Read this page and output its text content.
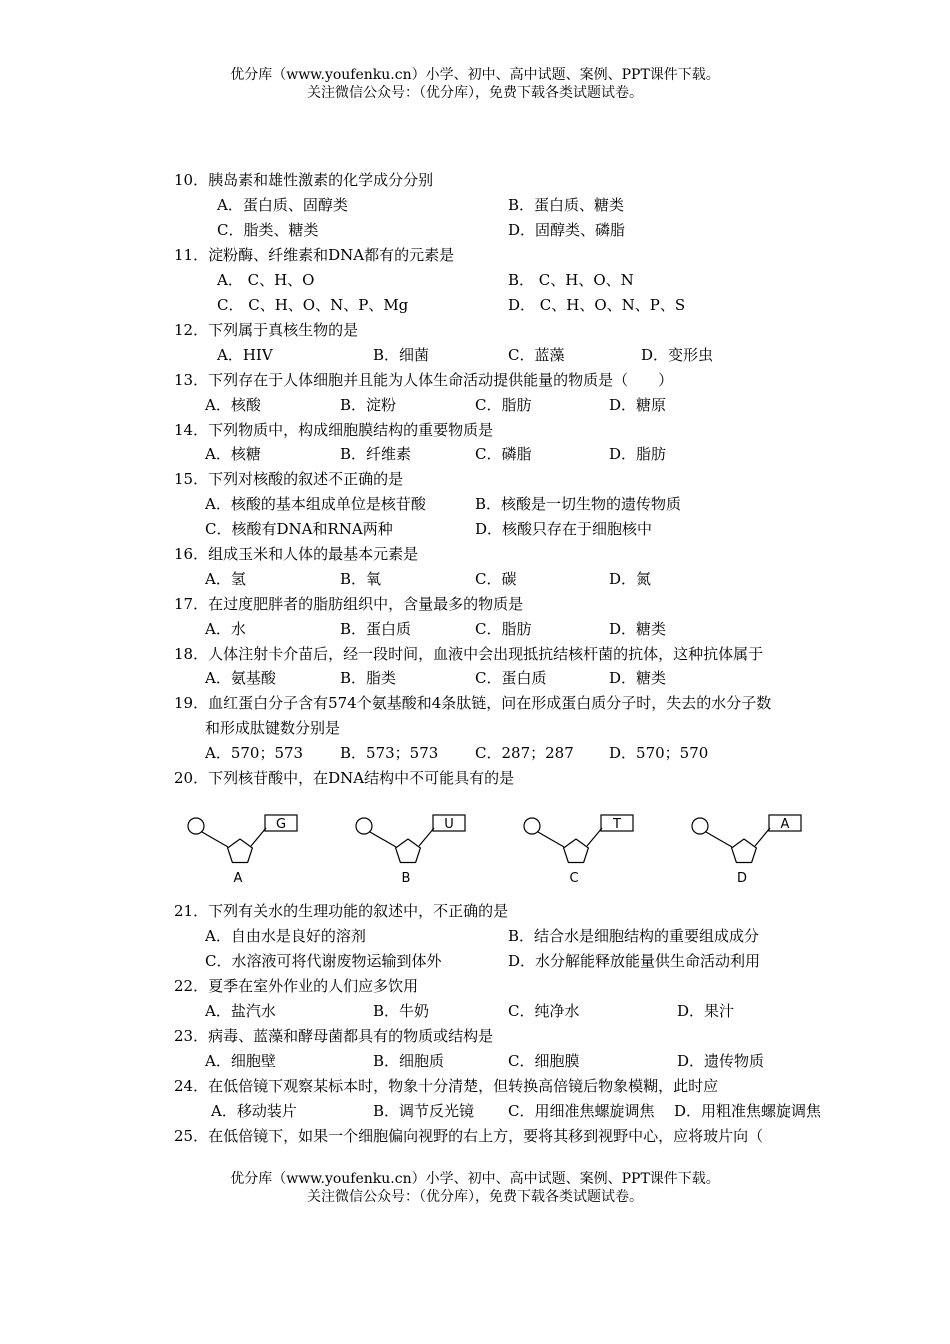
优分库（www.youfenku.cn）小学、初中、高中试题、案例、PPT课件下载。
关注微信公众号：（优分库），免费下载各类试题试卷。
10．胰岛素和雄性激素的化学成分分别
A．蛋白质、固醇类	B．蛋白质、糖类
C．脂类、糖类	D．固醇类、磷脂
11．淀粉酶、纤维素和DNA都有的元素是
A． C、H、O	B． C、H、O、N
C． C、H、O、N、P、Mg	D． C、H、O、N、P、S
12．下列属于真核生物的是
A．HIV	B．细菌	C．蓝藻	D．变形虫
13．下列存在于人体细胞并且能为人体生命活动提供能量的物质是（　　）
A．核酸	B．淀粉	C．脂肪	D．糖原
14．下列物质中，构成细胞膜结构的重要物质是
A．核糖	B．纤维素	C．磷脂	D．脂肪
15．下列对核酸的叙述不正确的是
A．核酸的基本组成单位是核苷酸	B．核酸是一切生物的遗传物质
C．核酸有DNA和RNA两种	D．核酸只存在于细胞核中
16．组成玉米和人体的最基本元素是
A．氢	B．氧	C．碳	D．氮
17．在过度肥胖者的脂肪组织中，含量最多的物质是
A．水	B．蛋白质	C．脂肪	D．糖类
18．人体注射卡介苗后，经一段时间，血液中会出现抵抗结核杆菌的抗体，这种抗体属于
A．氨基酸	B．脂类	C．蛋白质	D．糖类
19．血红蛋白分子含有574个氨基酸和4条肽链，问在形成蛋白质分子时，失去的水分子数
和形成肽键数分别是
A．570；573 B．573；573 C．287；287 D．570；570
20．下列核苷酸中，在DNA结构中不可能具有的是
G
A
U
B
T
C
A
D
21．下列有关水的生理功能的叙述中，不正确的是
A．自由水是良好的溶剂	B．结合水是细胞结构的重要组成成分
C．水溶液可将代谢废物运输到体外	D．水分解能释放能量供生命活动利用
22．夏季在室外作业的人们应多饮用
A．盐汽水	B．牛奶	C．纯净水	D．果汁
23．病毒、蓝藻和酵母菌都具有的物质或结构是
A．细胞壁	B．细胞质	C．细胞膜	D．遗传物质
24．在低倍镜下观察某标本时，物象十分清楚，但转换高倍镜后物象模糊，此时应
A．移动装片	B．调节反光镜 C．用细准焦螺旋调焦 D．用粗准焦螺旋调焦
25．在低倍镜下，如果一个细胞偏向视野的右上方，要将其移到视野中心，应将玻片向（
优分库（www.youfenku.cn）小学、初中、高中试题、案例、PPT课件下载。
关注微信公众号：（优分库），免费下载各类试题试卷。
